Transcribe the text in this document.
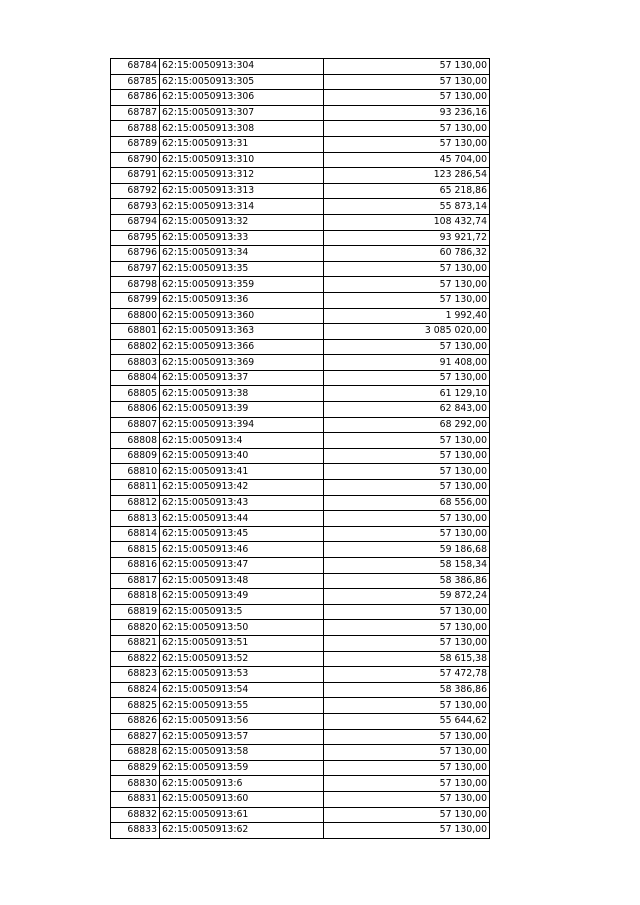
68784	62:15:0050913:304	57 130,00
68785	62:15:0050913:305	57 130,00
68786	62:15:0050913:306	57 130,00
68787	62:15:0050913:307	93 236,16
68788	62:15:0050913:308	57 130,00
68789	62:15:0050913:31	57 130,00
68790	62:15:0050913:310	45 704,00
68791	62:15:0050913:312	123 286,54
68792	62:15:0050913:313	65 218,86
68793	62:15:0050913:314	55 873,14
68794	62:15:0050913:32	108 432,74
68795	62:15:0050913:33	93 921,72
68796	62:15:0050913:34	60 786,32
68797	62:15:0050913:35	57 130,00
68798	62:15:0050913:359	57 130,00
68799	62:15:0050913:36	57 130,00
68800	62:15:0050913:360	1 992,40
68801	62:15:0050913:363	3 085 020,00
68802	62:15:0050913:366	57 130,00
68803	62:15:0050913:369	91 408,00
68804	62:15:0050913:37	57 130,00
68805	62:15:0050913:38	61 129,10
68806	62:15:0050913:39	62 843,00
68807	62:15:0050913:394	68 292,00
68808	62:15:0050913:4	57 130,00
68809	62:15:0050913:40	57 130,00
68810	62:15:0050913:41	57 130,00
68811	62:15:0050913:42	57 130,00
68812	62:15:0050913:43	68 556,00
68813	62:15:0050913:44	57 130,00
68814	62:15:0050913:45	57 130,00
68815	62:15:0050913:46	59 186,68
68816	62:15:0050913:47	58 158,34
68817	62:15:0050913:48	58 386,86
68818	62:15:0050913:49	59 872,24
68819	62:15:0050913:5	57 130,00
68820	62:15:0050913:50	57 130,00
68821	62:15:0050913:51	57 130,00
68822	62:15:0050913:52	58 615,38
68823	62:15:0050913:53	57 472,78
68824	62:15:0050913:54	58 386,86
68825	62:15:0050913:55	57 130,00
68826	62:15:0050913:56	55 644,62
68827	62:15:0050913:57	57 130,00
68828	62:15:0050913:58	57 130,00
68829	62:15:0050913:59	57 130,00
68830	62:15:0050913:6	57 130,00
68831	62:15:0050913:60	57 130,00
68832	62:15:0050913:61	57 130,00
68833	62:15:0050913:62	57 130,00
